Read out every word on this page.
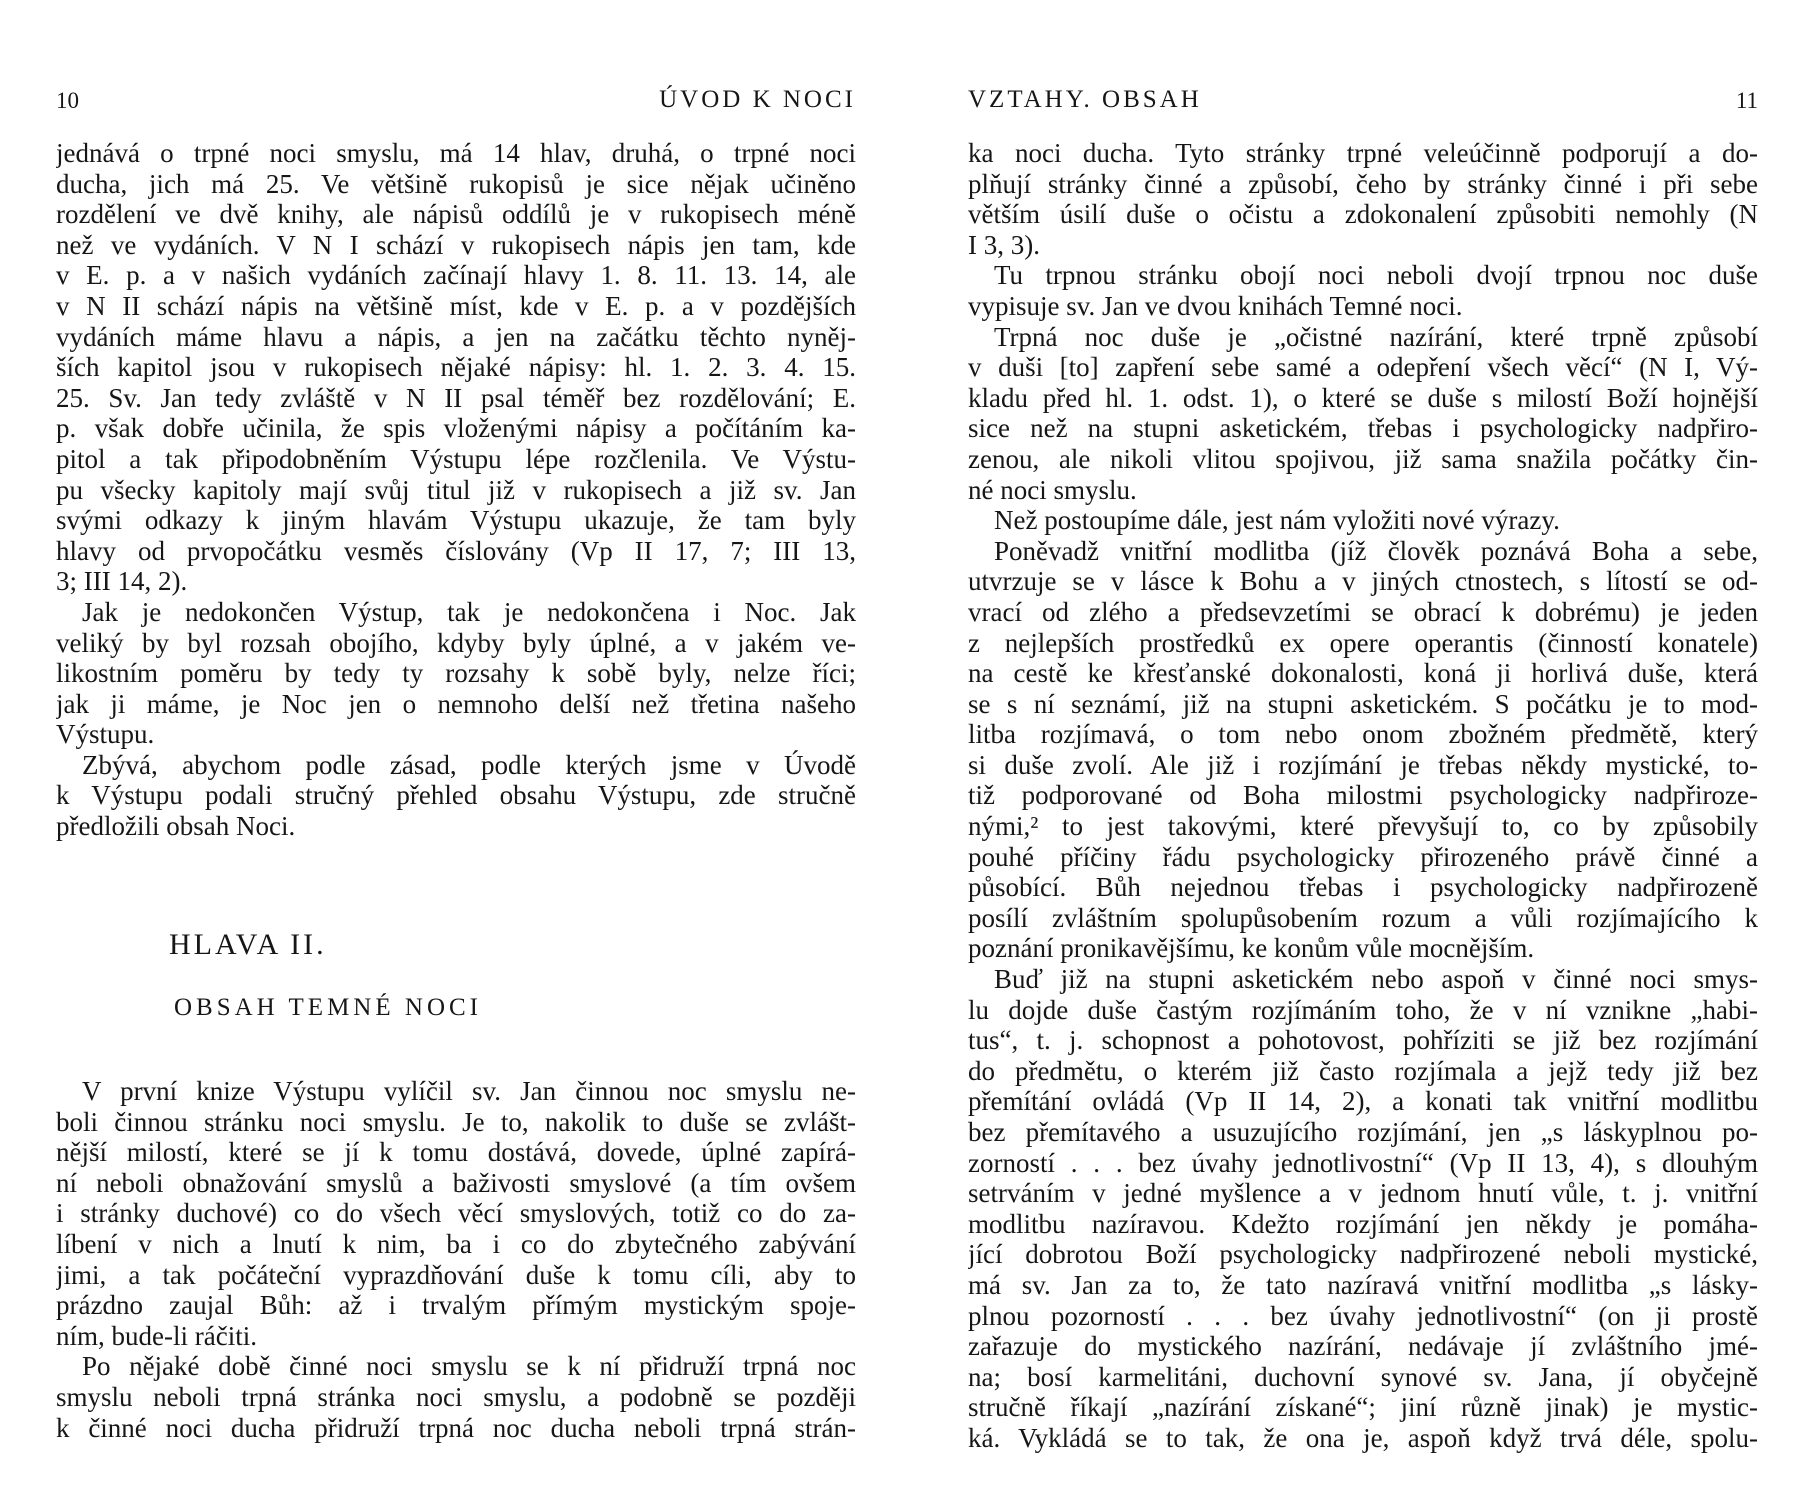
10	ÚVOD K NOCI
jednává o trpné noci smyslu, má 14 hlav, druhá, o trpné noci
ducha, jich má 25. Ve většině rukopisů je sice nějak učiněno
rozdělení ve dvě knihy, ale nápisů oddílů je v rukopisech méně
než ve vydáních. V N I schází v rukopisech nápis jen tam, kde
v E. p. a v našich vydáních začínají hlavy 1. 8. 11. 13. 14, ale
v N II schází nápis na většině míst, kde v E. p. a v pozdějších
vydáních máme hlavu a nápis, a jen na začátku těchto nyněj-
ších kapitol jsou v rukopisech nějaké nápisy: hl. 1. 2. 3. 4. 15.
25. Sv. Jan tedy zvláště v N II psal téměř bez rozdělování; E.
p. však dobře učinila, že spis vloženými nápisy a počítáním ka-
pitol a tak připodobněním Výstupu lépe rozčlenila. Ve Výstu-
pu všecky kapitoly mají svůj titul již v rukopisech a již sv. Jan
svými odkazy k jiným hlavám Výstupu ukazuje, že tam byly
hlavy od prvopočátku vesměs číslovány (Vp II 17, 7; III 13,
3; III 14, 2).
Jak je nedokončen Výstup, tak je nedokončena i Noc. Jak
veliký by byl rozsah obojího, kdyby byly úplné, a v jakém ve-
likostním poměru by tedy ty rozsahy k sobě byly, nelze říci;
jak ji máme, je Noc jen o nemnoho delší než třetina našeho
Výstupu.
Zbývá, abychom podle zásad, podle kterých jsme v Úvodě
k Výstupu podali stručný přehled obsahu Výstupu, zde stručně
předložili obsah Noci.
HLAVA II.
OBSAH TEMNÉ NOCI
V první knize Výstupu vylíčil sv. Jan činnou noc smyslu ne-
boli činnou stránku noci smyslu. Je to, nakolik to duše se zvlášt-
nější milostí, které se jí k tomu dostává, dovede, úplné zapírá-
ní neboli obnažování smyslů a baživosti smyslové (a tím ovšem
i stránky duchové) co do všech věcí smyslových, totiž co do za-
líbení v nich a lnutí k nim, ba i co do zbytečného zabývání
jimi, a tak počáteční vyprazdňování duše k tomu cíli, aby to
prázdno zaujal Bůh: až i trvalým přímým mystickým spoje-
ním, bude-li ráčiti.
Po nějaké době činné noci smyslu se k ní přidruží trpná noc
smyslu neboli trpná stránka noci smyslu, a podobně se později
k činné noci ducha přidruží trpná noc ducha neboli trpná strán-
VZTAHY. OBSAH	11
ka noci ducha. Tyto stránky trpné veleúčinně podporují a do-
plňují stránky činné a způsobí, čeho by stránky činné i při sebe
větším úsilí duše o očistu a zdokonalení způsobiti nemohly (N
I 3, 3).
Tu trpnou stránku obojí noci neboli dvojí trpnou noc duše
vypisuje sv. Jan ve dvou knihách Temné noci.
Trpná noc duše je „očistné nazírání, které trpně způsobí
v duši [to] zapření sebe samé a odepření všech věcí“ (N I, Vý-
kladu před hl. 1. odst. 1), o které se duše s milostí Boží hojnější
sice než na stupni asketickém, třebas i psychologicky nadpřiro-
zenou, ale nikoli vlitou spojivou, již sama snažila počátky čin-
né noci smyslu.
Než postoupíme dále, jest nám vyložiti nové výrazy.
Poněvadž vnitřní modlitba (jíž člověk poznává Boha a sebe,
utvrzuje se v lásce k Bohu a v jiných ctnostech, s lítostí se od-
vrací od zlého a předsevzetími se obrací k dobrému) je jeden
z nejlepších prostředků ex opere operantis (činností konatele)
na cestě ke křesťanské dokonalosti, koná ji horlivá duše, která
se s ní seznámí, již na stupni asketickém. S počátku je to mod-
litba rozjímavá, o tom nebo onom zbožném předmětě, který
si duše zvolí. Ale již i rozjímání je třebas někdy mystické, to-
tiž podporované od Boha milostmi psychologicky nadpřiroze-
nými,² to jest takovými, které převyšují to, co by způsobily
pouhé příčiny řádu psychologicky přirozeného právě činné a
působící. Bůh nejednou třebas i psychologicky nadpřirozeně
posílí zvláštním spolupůsobením rozum a vůli rozjímajícího k
poznání pronikavějšímu, ke konům vůle mocnějším.
Buď již na stupni asketickém nebo aspoň v činné noci smys-
lu dojde duše častým rozjímáním toho, že v ní vznikne „habi-
tus“, t. j. schopnost a pohotovost, pohříziti se již bez rozjímání
do předmětu, o kterém již často rozjímala a jejž tedy již bez
přemítání ovládá (Vp II 14, 2), a konati tak vnitřní modlitbu
bez přemítavého a usuzujícího rozjímání, jen „s láskyplnou po-
zorností . . . bez úvahy jednotlivostní“ (Vp II 13, 4), s dlouhým
setrváním v jedné myšlence a v jednom hnutí vůle, t. j. vnitřní
modlitbu nazíravou. Kdežto rozjímání jen někdy je pomáha-
jící dobrotou Boží psychologicky nadpřirozené neboli mystické,
má sv. Jan za to, že tato nazíravá vnitřní modlitba „s lásky-
plnou pozorností . . . bez úvahy jednotlivostní“ (on ji prostě
zařazuje do mystického nazírání, nedávaje jí zvláštního jmé-
na; bosí karmelitáni, duchovní synové sv. Jana, jí obyčejně
stručně říkají „nazírání získané“; jiní různě jinak) je mystic-
ká. Vykládá se to tak, že ona je, aspoň když trvá déle, spolu-
